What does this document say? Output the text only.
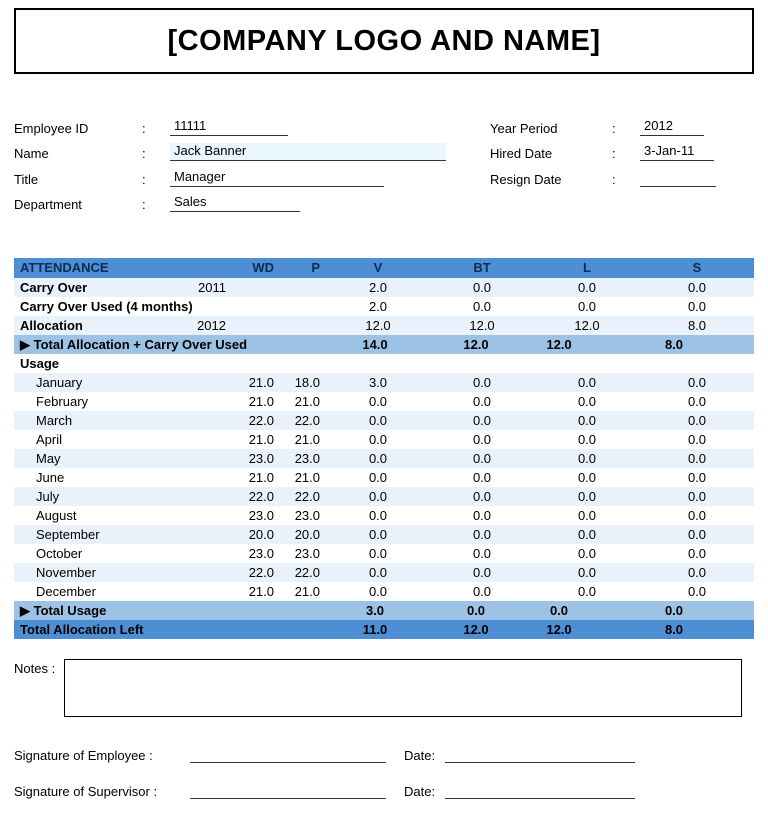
[COMPANY LOGO AND NAME]
Employee ID	:	11111
Name	:	Jack Banner
Title	:	Manager
Department	:	Sales
Year Period	:	2012
Hired Date	:	3-Jan-11
Resign Date	:
ATTENDANCE		WD	P	V	BT	L	S
Carry Over	2011			2.0	0.0	0.0	0.0
Carry Over Used (4 months)				2.0	0.0	0.0	0.0
Allocation	2012			12.0	12.0	12.0	8.0
▶ Total Allocation + Carry Over Used				14.0	12.0	12.0	8.0
Usage							
January		21.0	18.0	3.0	0.0	0.0	0.0
February		21.0	21.0	0.0	0.0	0.0	0.0
March		22.0	22.0	0.0	0.0	0.0	0.0
April		21.0	21.0	0.0	0.0	0.0	0.0
May		23.0	23.0	0.0	0.0	0.0	0.0
June		21.0	21.0	0.0	0.0	0.0	0.0
July		22.0	22.0	0.0	0.0	0.0	0.0
August		23.0	23.0	0.0	0.0	0.0	0.0
September		20.0	20.0	0.0	0.0	0.0	0.0
October		23.0	23.0	0.0	0.0	0.0	0.0
November		22.0	22.0	0.0	0.0	0.0	0.0
December		21.0	21.0	0.0	0.0	0.0	0.0
▶ Total Usage				3.0	0.0	0.0	0.0
Total Allocation Left				11.0	12.0	12.0	8.0
Notes :
Signature of Employee :	Date:
Signature of Supervisor :	Date:
